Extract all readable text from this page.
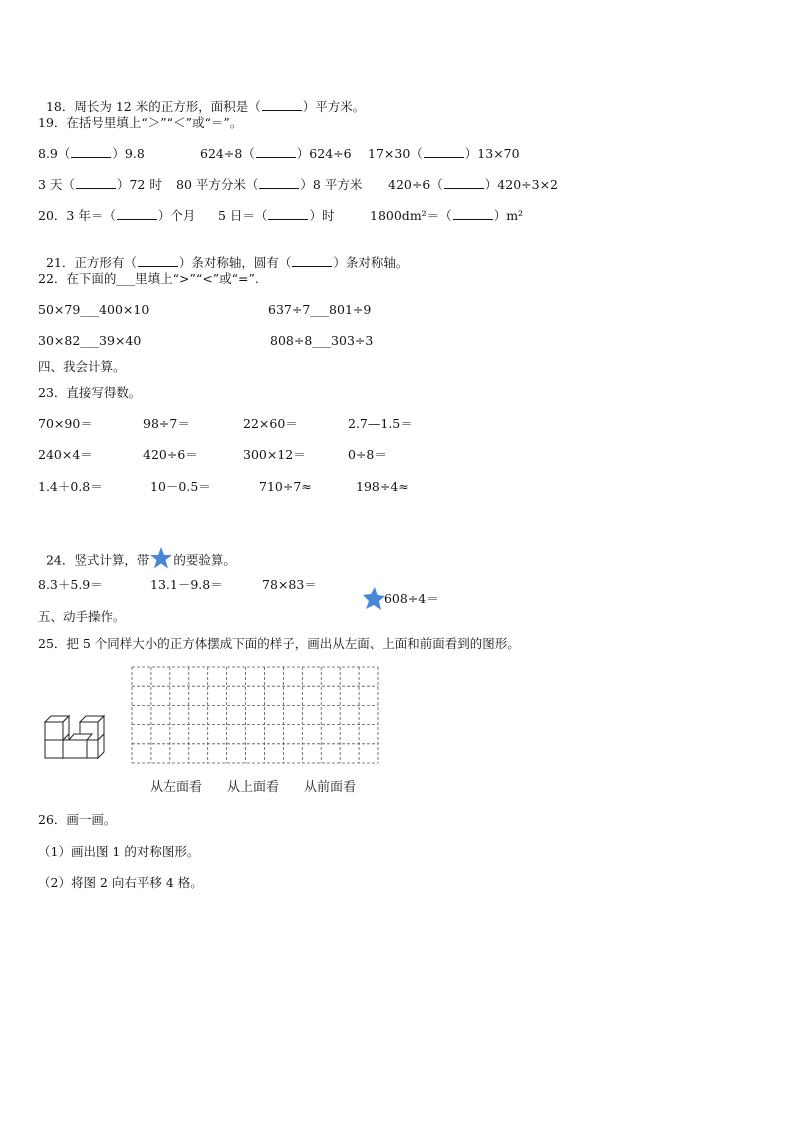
18．周长为 12 米的正方形，面积是（	）平方米。

19．在括号里填上“＞”“＜”或“＝”。
8.9（	）9.8	624÷8（	）624÷6 17×30（	）13×70
3 天（	）72 时 80 平方分米（	）8 平方米 420÷6（	）420÷3×2
20．3 年＝（	）个月 5 日＝（	）时	1800dm²＝（	）m²

21．正方形有（	）条对称轴，圆有（	）条对称轴。

22．在下面的___里填上“>”“<”或“=”.
50×79___400×10	637÷7___801÷9
30×82___39×40	808÷8___303÷3
四、我会计算。
23．直接写得数。
70×90＝	98÷7＝	22×60＝	2.7—1.5＝
240×4＝	420÷6＝	300×12＝	0÷8＝
1.4＋0.8＝	10－0.5＝	710÷7≈	198÷4≈

24．竖式计算，带 的要验算。

8.3＋5.9＝	13.1－9.8＝	78×83＝

608÷4＝

五、动手操作。
25．把 5 个同样大小的正方体摆成下面的样子，画出从左面、上面和前面看到的图形。
从左面看 从上面看 从前面看
26．画一画。
（1）画出图 1 的对称图形。
（2）将图 2 向右平移 4 格。
